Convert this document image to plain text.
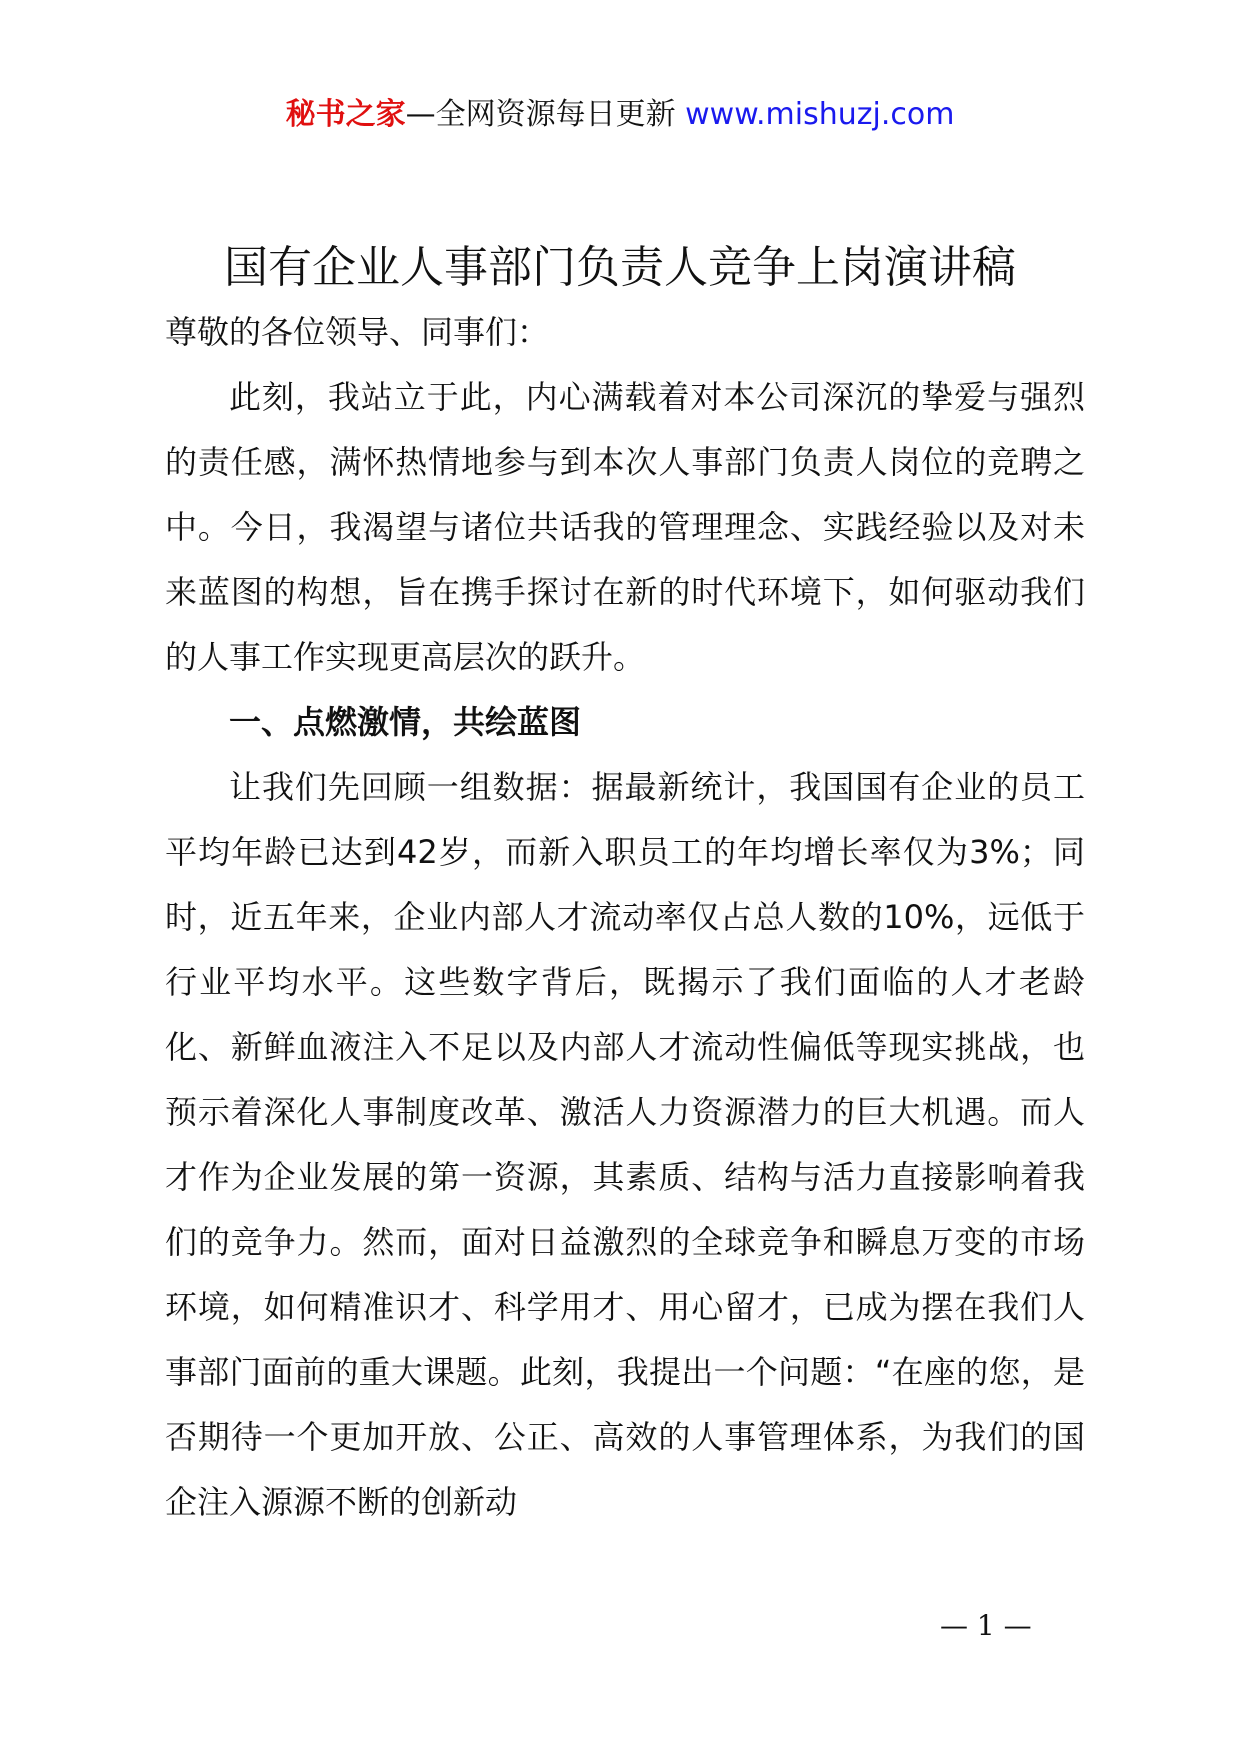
秘书之家—全网资源每日更新 www.mishuzj.com
国有企业人事部门负责人竞争上岗演讲稿

尊敬的各位领导、同事们：

此刻，我站立于此，内心满载着对本公司深沉的挚爱与强烈的责任感，满怀热情地参与到本次人事部门负责人岗位的竞聘之中。今日，我渴望与诸位共话我的管理理念、实践经验以及对未来蓝图的构想，旨在携手探讨在新的时代环境下，如何驱动我们的人事工作实现更高层次的跃升。

一、点燃激情，共绘蓝图

让我们先回顾一组数据：据最新统计，我国国有企业的员工平均年龄已达到42岁，而新入职员工的年均增长率仅为3%；同时，近五年来，企业内部人才流动率仅占总人数的10%，远低于行业平均水平。这些数字背后，既揭示了我们面临的人才老龄化、新鲜血液注入不足以及内部人才流动性偏低等现实挑战，也预示着深化人事制度改革、激活人力资源潜力的巨大机遇。而人才作为企业发展的第一资源，其素质、结构与活力直接影响着我们的竞争力。然而，面对日益激烈的全球竞争和瞬息万变的市场环境，如何精准识才、科学用才、用心留才，已成为摆在我们人事部门面前的重大课题。此刻，我提出一个问题：“在座的您，是否期待一个更加开放、公正、高效的人事管理体系，为我们的国企注入源源不断的创新动

— 1 —
